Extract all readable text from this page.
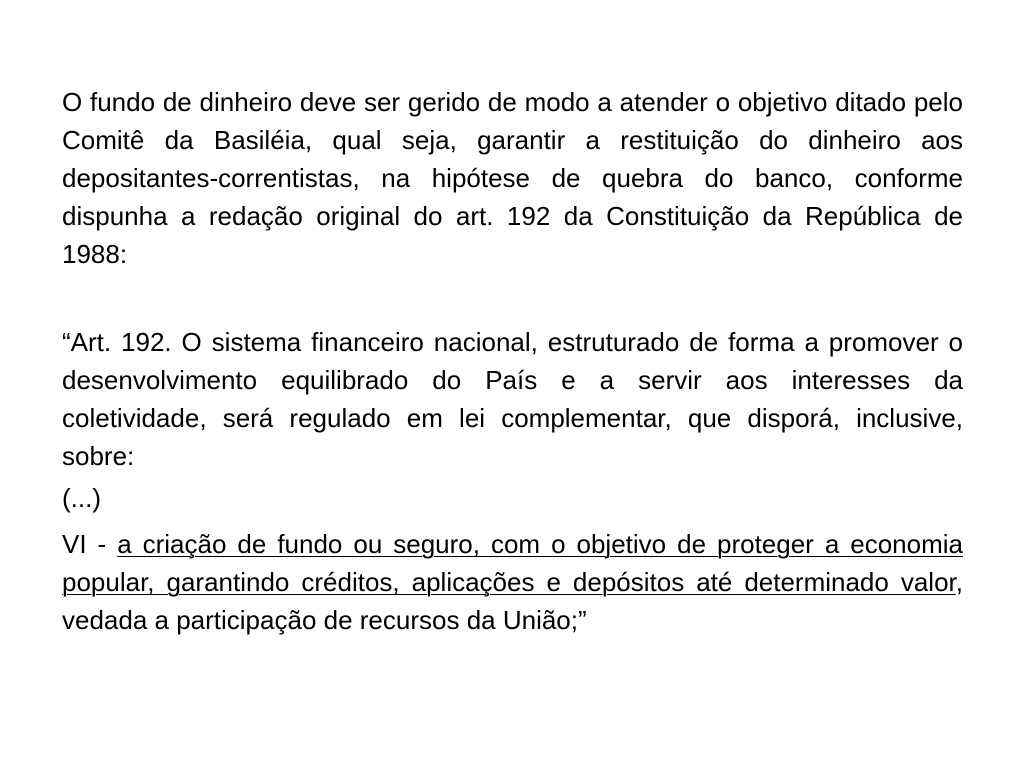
O fundo de dinheiro deve ser gerido de modo a atender o objetivo ditado pelo Comitê da Basiléia, qual seja, garantir a restituição do dinheiro aos depositantes-correntistas, na hipótese de quebra do banco, conforme dispunha a redação original do art. 192 da Constituição da República de 1988:

“Art. 192. O sistema financeiro nacional, estruturado de forma a promover o desenvolvimento equilibrado do País e a servir aos interesses da coletividade, será regulado em lei complementar, que disporá, inclusive, sobre:

(...)

VI - a criação de fundo ou seguro, com o objetivo de proteger a economia popular, garantindo créditos, aplicações e depósitos até determinado valor, vedada a participação de recursos da União;”
